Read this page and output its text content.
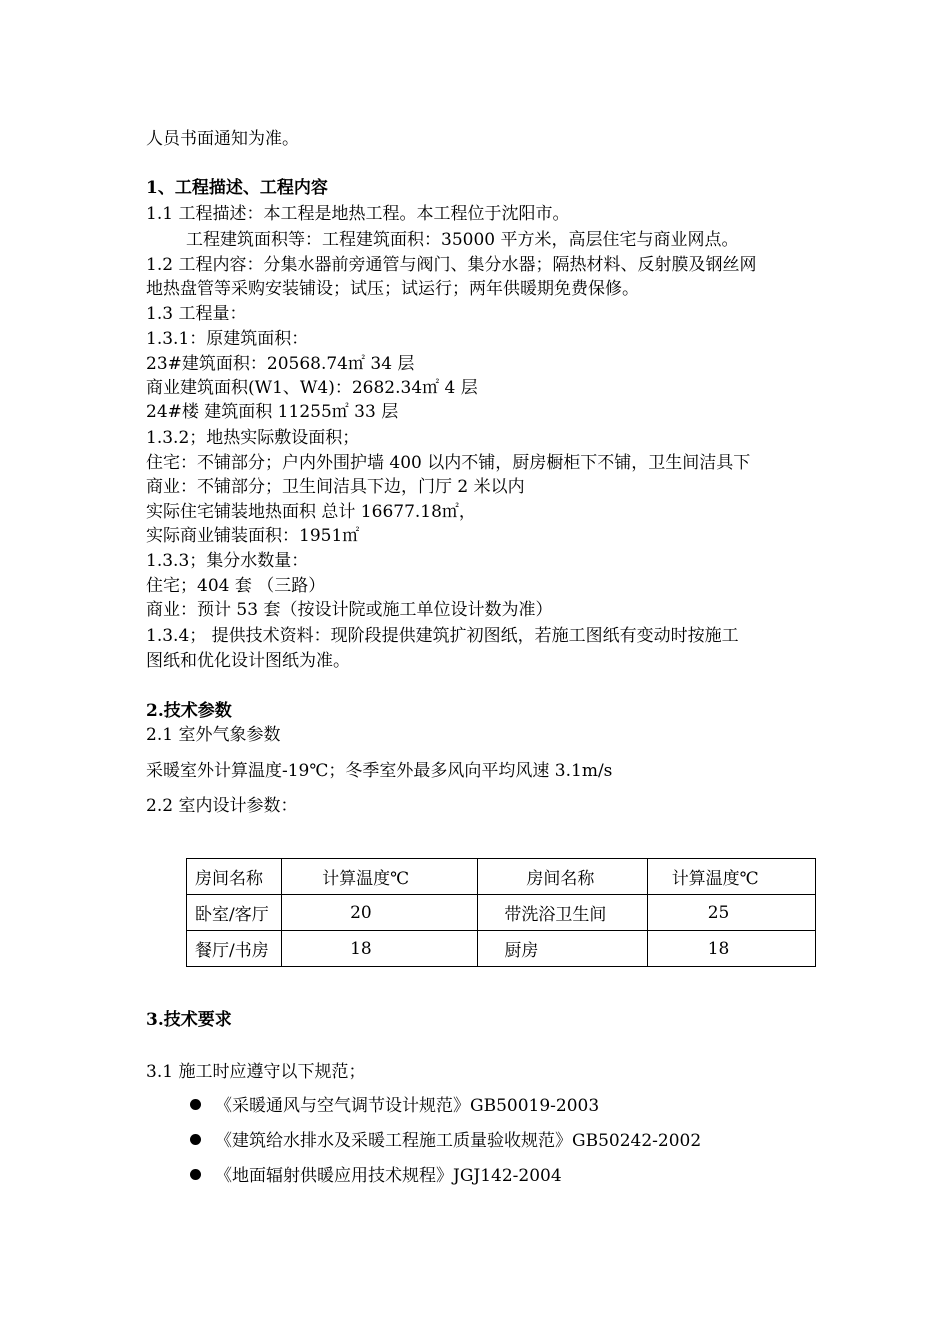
人员书面通知为准。
1、工程描述、工程内容
1.1 工程描述：本工程是地热工程。本工程位于沈阳市。
工程建筑面积等：工程建筑面积：35000 平方米，高层住宅与商业网点。
1.2 工程内容：分集水器前旁通管与阀门、集分水器；隔热材料、反射膜及钢丝网
地热盘管等采购安装铺设；试压；试运行；两年供暖期免费保修。
1.3 工程量：
1.3.1：原建筑面积：
23#建筑面积：20568.74㎡ 34 层
商业建筑面积(W1、W4)：2682.34㎡ 4 层
24#楼 建筑面积 11255㎡ 33 层
1.3.2；地热实际敷设面积；
住宅：不铺部分；户内外围护墙 400 以内不铺，厨房橱柜下不铺，卫生间洁具下
商业：不铺部分；卫生间洁具下边，门厅 2 米以内
实际住宅铺装地热面积 总计 16677.18㎡，
实际商业铺装面积：1951㎡
1.3.3；集分水数量：
住宅；404 套 （三路）
商业：预计 53 套（按设计院或施工单位设计数为准）
1.3.4； 提供技术资料：现阶段提供建筑扩初图纸，若施工图纸有变动时按施工
图纸和优化设计图纸为准。
2.技术参数
2.1 室外气象参数
采暖室外计算温度-19℃；冬季室外最多风向平均风速 3.1m/s
2.2 室内设计参数：
房间名称	计算温度℃	房间名称	计算温度℃
卧室/客厅	20	带洗浴卫生间	25
餐厅/书房	18	厨房	18
3.技术要求
3.1 施工时应遵守以下规范；
《采暖通风与空气调节设计规范》GB50019-2003
《建筑给水排水及采暖工程施工质量验收规范》GB50242-2002
《地面辐射供暖应用技术规程》JGJ142-2004
